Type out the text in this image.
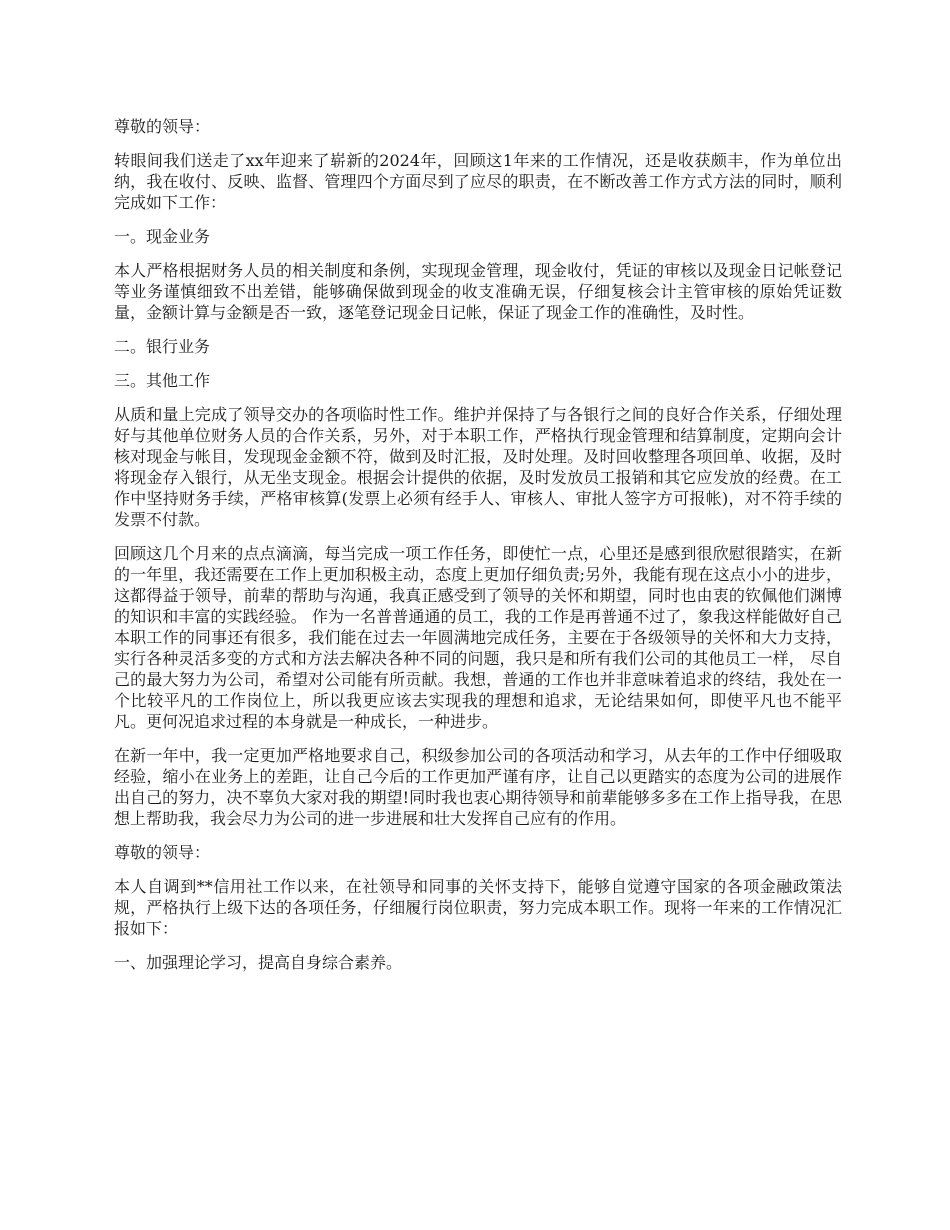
尊敬的领导：

转眼间我们送走了xx年迎来了崭新的2024年，回顾这1年来的工作情况，还是收获颇丰，作为单位出纳，我在收付、反映、监督、管理四个方面尽到了应尽的职责，在不断改善工作方式方法的同时，顺利完成如下工作：

一。现金业务

本人严格根据财务人员的相关制度和条例，实现现金管理，现金收付，凭证的审核以及现金日记帐登记等业务谨慎细致不出差错，能够确保做到现金的收支准确无误，仔细复核会计主管审核的原始凭证数量，金额计算与金额是否一致，逐笔登记现金日记帐，保证了现金工作的准确性，及时性。

二。银行业务

三。其他工作

从质和量上完成了领导交办的各项临时性工作。维护并保持了与各银行之间的良好合作关系，仔细处理好与其他单位财务人员的合作关系，另外，对于本职工作，严格执行现金管理和结算制度，定期向会计核对现金与帐目，发现现金金额不符，做到及时汇报，及时处理。及时回收整理各项回单、收据，及时将现金存入银行，从无坐支现金。根据会计提供的依据，及时发放员工报销和其它应发放的经费。在工作中坚持财务手续，严格审核算(发票上必须有经手人、审核人、审批人签字方可报帐)，对不符手续的发票不付款。

回顾这几个月来的点点滴滴，每当完成一项工作任务，即使忙一点，心里还是感到很欣慰很踏实，在新的一年里，我还需要在工作上更加积极主动，态度上更加仔细负责;另外，我能有现在这点小小的进步，这都得益于领导，前辈的帮助与沟通，我真正感受到了领导的关怀和期望，同时也由衷的钦佩他们渊博的知识和丰富的实践经验。 作为一名普普通通的员工，我的工作是再普通不过了，象我这样能做好自己本职工作的同事还有很多，我们能在过去一年圆满地完成任务，主要在于各级领导的关怀和大力支持，实行各种灵活多变的方式和方法去解决各种不同的问题，我只是和所有我们公司的其他员工一样， 尽自己的最大努力为公司，希望对公司能有所贡献。我想，普通的工作也并非意味着追求的终结，我处在一个比较平凡的工作岗位上，所以我更应该去实现我的理想和追求，无论结果如何，即使平凡也不能平凡。更何况追求过程的本身就是一种成长，一种进步。

在新一年中，我一定更加严格地要求自己，积级参加公司的各项活动和学习，从去年的工作中仔细吸取经验，缩小在业务上的差距，让自己今后的工作更加严谨有序，让自己以更踏实的态度为公司的进展作出自己的努力，决不辜负大家对我的期望!同时我也衷心期待领导和前辈能够多多在工作上指导我，在思想上帮助我，我会尽力为公司的进一步进展和壮大发挥自己应有的作用。

尊敬的领导：

本人自调到**信用社工作以来，在社领导和同事的关怀支持下，能够自觉遵守国家的各项金融政策法规，严格执行上级下达的各项任务，仔细履行岗位职责，努力完成本职工作。现将一年来的工作情况汇报如下：

一、加强理论学习，提高自身综合素养。
